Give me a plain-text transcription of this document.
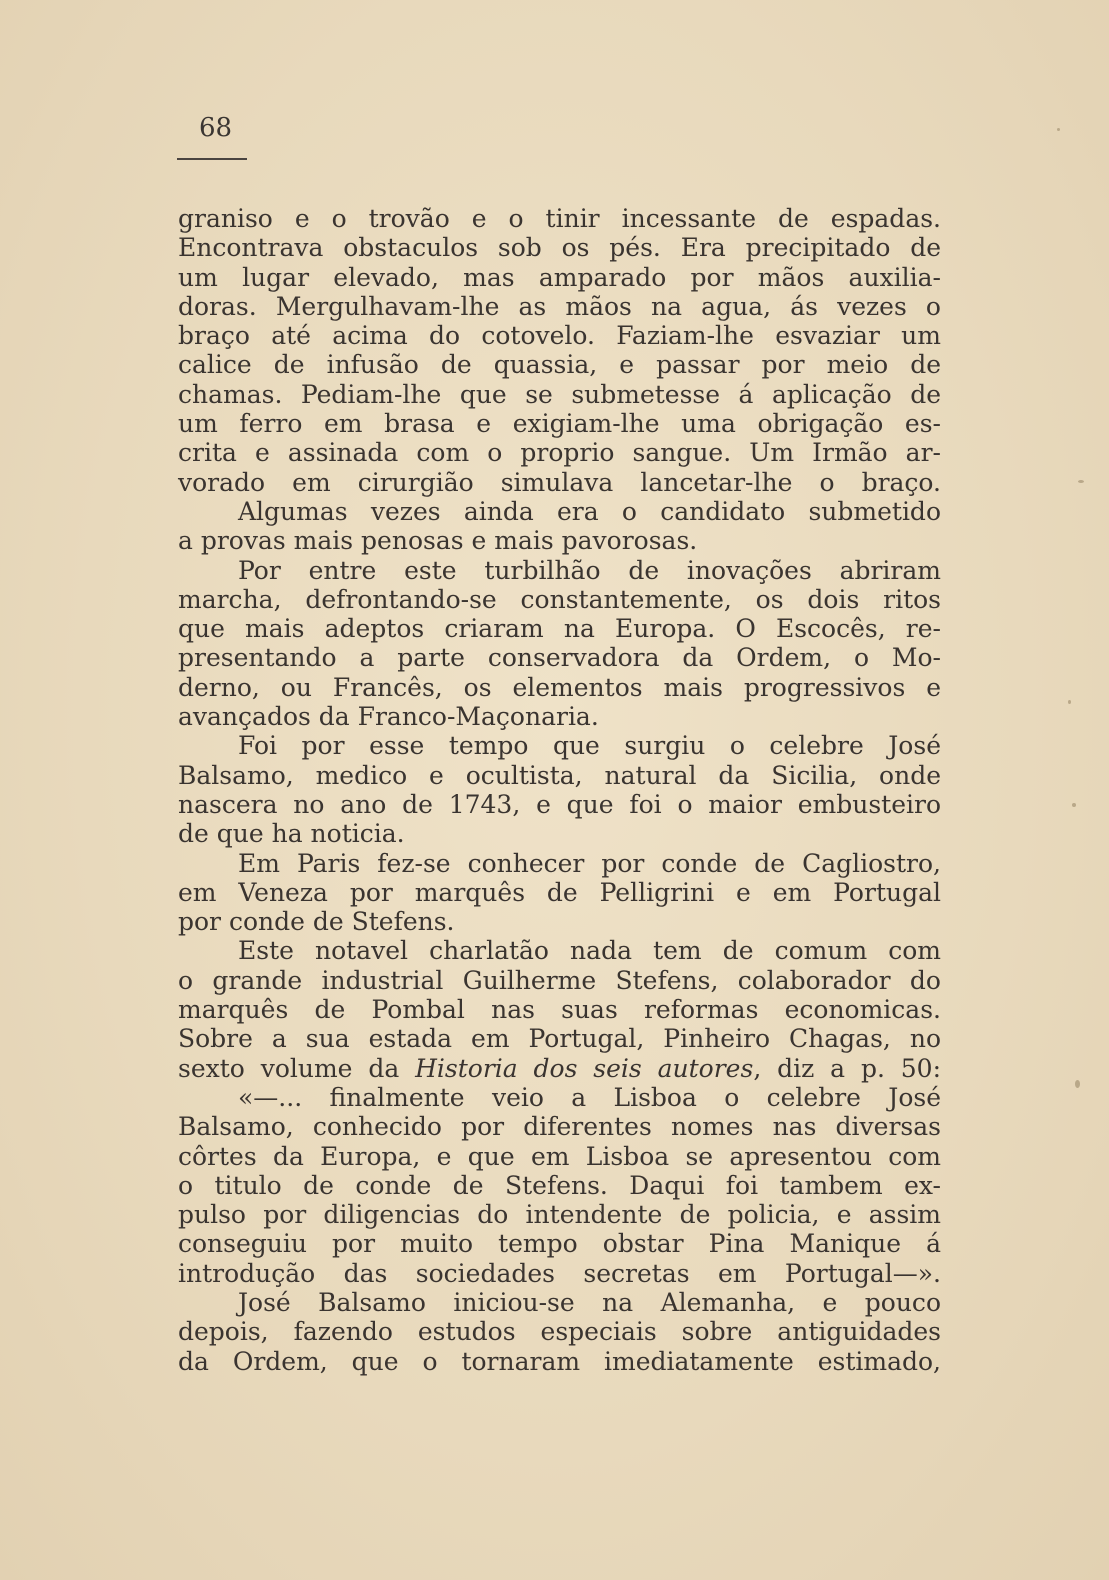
68
graniso e o trovão e o tinir incessante de espadas.
Encontrava obstaculos sob os pés. Era precipitado de
um lugar elevado, mas amparado por mãos auxilia-
doras. Mergulhavam-lhe as mãos na agua, ás vezes o
braço até acima do cotovelo. Faziam-lhe esvaziar um
calice de infusão de quassia, e passar por meio de
chamas. Pediam-lhe que se submetesse á aplicação de
um ferro em brasa e exigiam-lhe uma obrigação es-
crita e assinada com o proprio sangue. Um Irmão ar-
vorado em cirurgião simulava lancetar-lhe o braço.
Algumas vezes ainda era o candidato submetido
a provas mais penosas e mais pavorosas.
Por entre este turbilhão de inovações abriram
marcha, defrontando-se constantemente, os dois ritos
que mais adeptos criaram na Europa. O Escocês, re-
presentando a parte conservadora da Ordem, o Mo-
derno, ou Francês, os elementos mais progressivos e
avançados da Franco-Maçonaria.
Foi por esse tempo que surgiu o celebre José
Balsamo, medico e ocultista, natural da Sicilia, onde
nascera no ano de 1743, e que foi o maior embusteiro
de que ha noticia.
Em Paris fez-se conhecer por conde de Cagliostro,
em Veneza por marquês de Pelligrini e em Portugal
por conde de Stefens.
Este notavel charlatão nada tem de comum com
o grande industrial Guilherme Stefens, colaborador do
marquês de Pombal nas suas reformas economicas.
Sobre a sua estada em Portugal, Pinheiro Chagas, no
sexto volume da Historia dos seis autores, diz a p. 50:
«—... finalmente veio a Lisboa o celebre José
Balsamo, conhecido por diferentes nomes nas diversas
côrtes da Europa, e que em Lisboa se apresentou com
o titulo de conde de Stefens. Daqui foi tambem ex-
pulso por diligencias do intendente de policia, e assim
conseguiu por muito tempo obstar Pina Manique á
introdução das sociedades secretas em Portugal—».
José Balsamo iniciou-se na Alemanha, e pouco
depois, fazendo estudos especiais sobre antiguidades
da Ordem, que o tornaram imediatamente estimado,
